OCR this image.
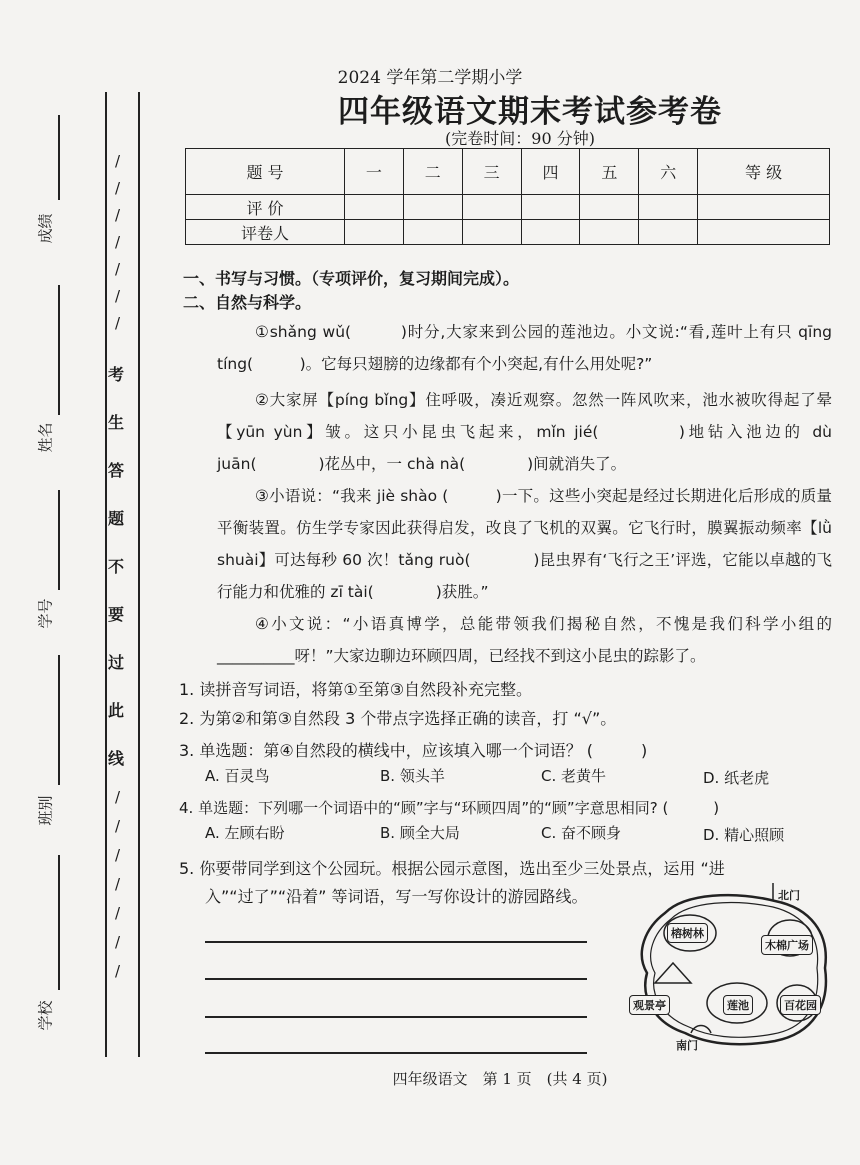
成绩
姓名
学号
班别
学校
/
/
/
/
/
/
/
考
生
答
题
不
要
过
此
线
/
/
/
/
/
/
/
2024 学年第二学期小学
四年级语文期末考试参考卷
(完卷时间：90 分钟)
题 号	一	二	三	四	五	六	等 级
评 价							
评卷人							
一、书写与习惯。（专项评价，复习期间完成）。
二、自然与科学。
①shǎng wǔ(　　　)时分,大家来到公园的莲池边。小文说:“看,莲叶上有只 qīng tíng(　　　)。它每只翅膀的边缘都有个小突起,有什么用处呢?”
②大家屏【píng bǐng】住呼吸，凑近观察。忽然一阵风吹来，池水被吹得起了晕【yūn yùn】皱。这只小昆虫飞起来，mǐn jié(　　　　)地钻入池边的 dù juān(　　　　)花丛中，一 chà nà(　　　　)间就消失了。
③小语说：“我来 jiè shào (　　　)一下。这些小突起是经过长期进化后形成的质量平衡装置。仿生学专家因此获得启发，改良了飞机的双翼。它飞行时，膜翼振动频率【lǜ shuài】可达每秒 60 次！tǎng ruò(　　　　)昆虫界有‘飞行之王’评选，它能以卓越的飞行能力和优雅的 zī tài(　　　　)获胜。”
④小文说：“小语真博学，总能带领我们揭秘自然，不愧是我们科学小组的__________呀！”大家边聊边环顾四周，已经找不到这小昆虫的踪影了。
1. 读拼音写词语，将第①至第③自然段补充完整。
2. 为第②和第③自然段 3 个带点字选择正确的读音，打 “√”。
3. 单选题：第④自然段的横线中，应该填入哪一个词语？ (　　　)
A. 百灵鸟	B. 领头羊	C. 老黄牛	D. 纸老虎
4. 单选题：下列哪一个词语中的“顾”字与“环顾四周”的“顾”字意思相同? (　　　)
A. 左顾右盼	B. 顾全大局	C. 奋不顾身	D. 精心照顾
5. 你要带同学到这个公园玩。根据公园示意图，选出至少三处景点，运用 “进
入”“过了”“沿着” 等词语，写一写你设计的游园路线。	北门
榕树林
木棉广场
观景亭	莲池	百花园
南门
四年级语文　第 1 页　(共 4 页)
